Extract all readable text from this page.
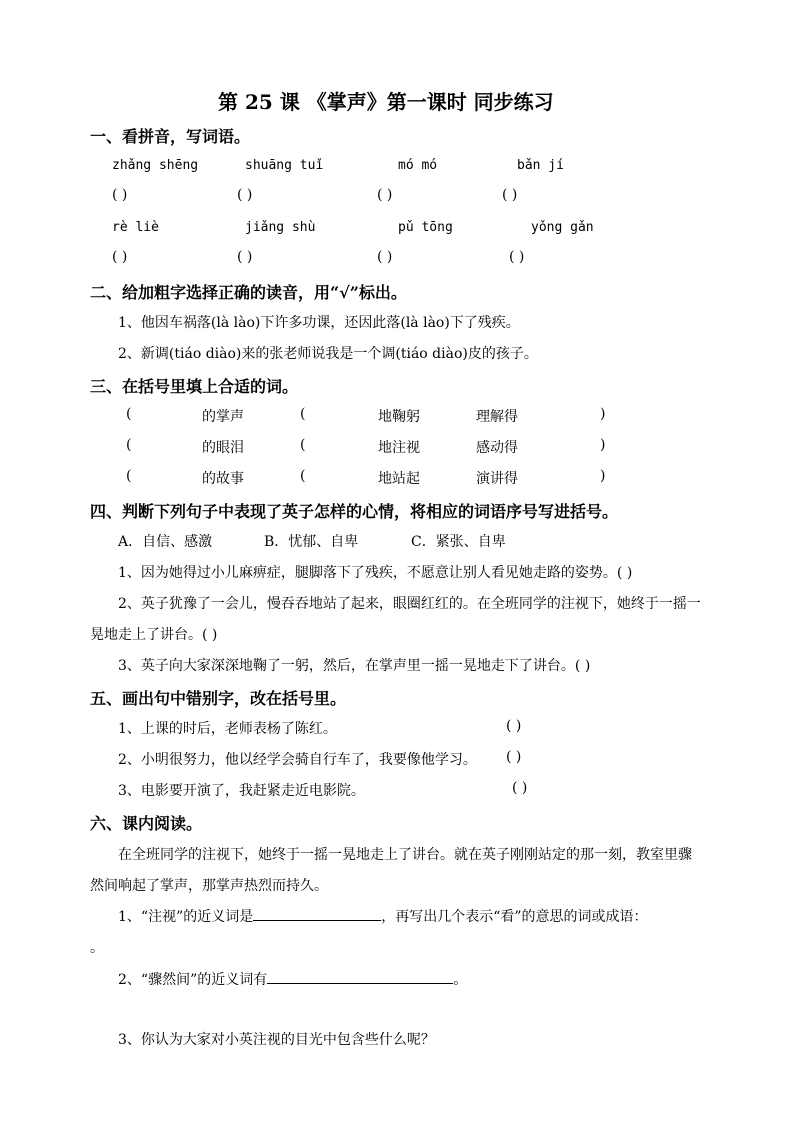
第 25 课 《掌声》第一课时 同步练习
一、看拼音，写词语。
zhǎng shēng	shuāng tuǐ	mó mó	bǎn jí
( )	( )	( )	( )
rè liè	jiǎng shù	pǔ tōng	yǒng gǎn
( )	( )	( )	( )
二、给加粗字选择正确的读音，用“√”标出。
1、他因车祸落(là lào)下许多功课，还因此落(là lào)下了残疾。
2、新调(tiáo diào)来的张老师说我是一个调(tiáo diào)皮的孩子。
三、在括号里填上合适的词。
(	的掌声	(	地鞠躬	理解得	)
(	的眼泪	(	地注视	感动得	)
(	的故事	(	地站起	演讲得	)
四、判断下列句子中表现了英子怎样的心情，将相应的词语序号写进括号。
A．自信、感激	B．忧郁、自卑	C．紧张、自卑
1、因为她得过小儿麻痹症，腿脚落下了残疾，不愿意让别人看见她走路的姿势。( )
2、英子犹豫了一会儿，慢吞吞地站了起来，眼圈红红的。在全班同学的注视下，她终于一摇一
晃地走上了讲台。( )
3、英子向大家深深地鞠了一躬，然后，在掌声里一摇一晃地走下了讲台。( )
五、画出句中错别字，改在括号里。
1、上课的时后，老师表杨了陈红。	( )
2、小明很努力，他以经学会骑自行车了，我要像他学习。 ( )
3、电影要开演了，我赶紧走近电影院。	( )
六、课内阅读。
在全班同学的注视下，她终于一摇一晃地走上了讲台。就在英子刚刚站定的那一刻，教室里骤
然间响起了掌声，那掌声热烈而持久。
1、“注视”的近义词是	，再写出几个表示“看”的意思的词或成语：
。
2、“骤然间”的近义词有	。
3、你认为大家对小英注视的目光中包含些什么呢？
